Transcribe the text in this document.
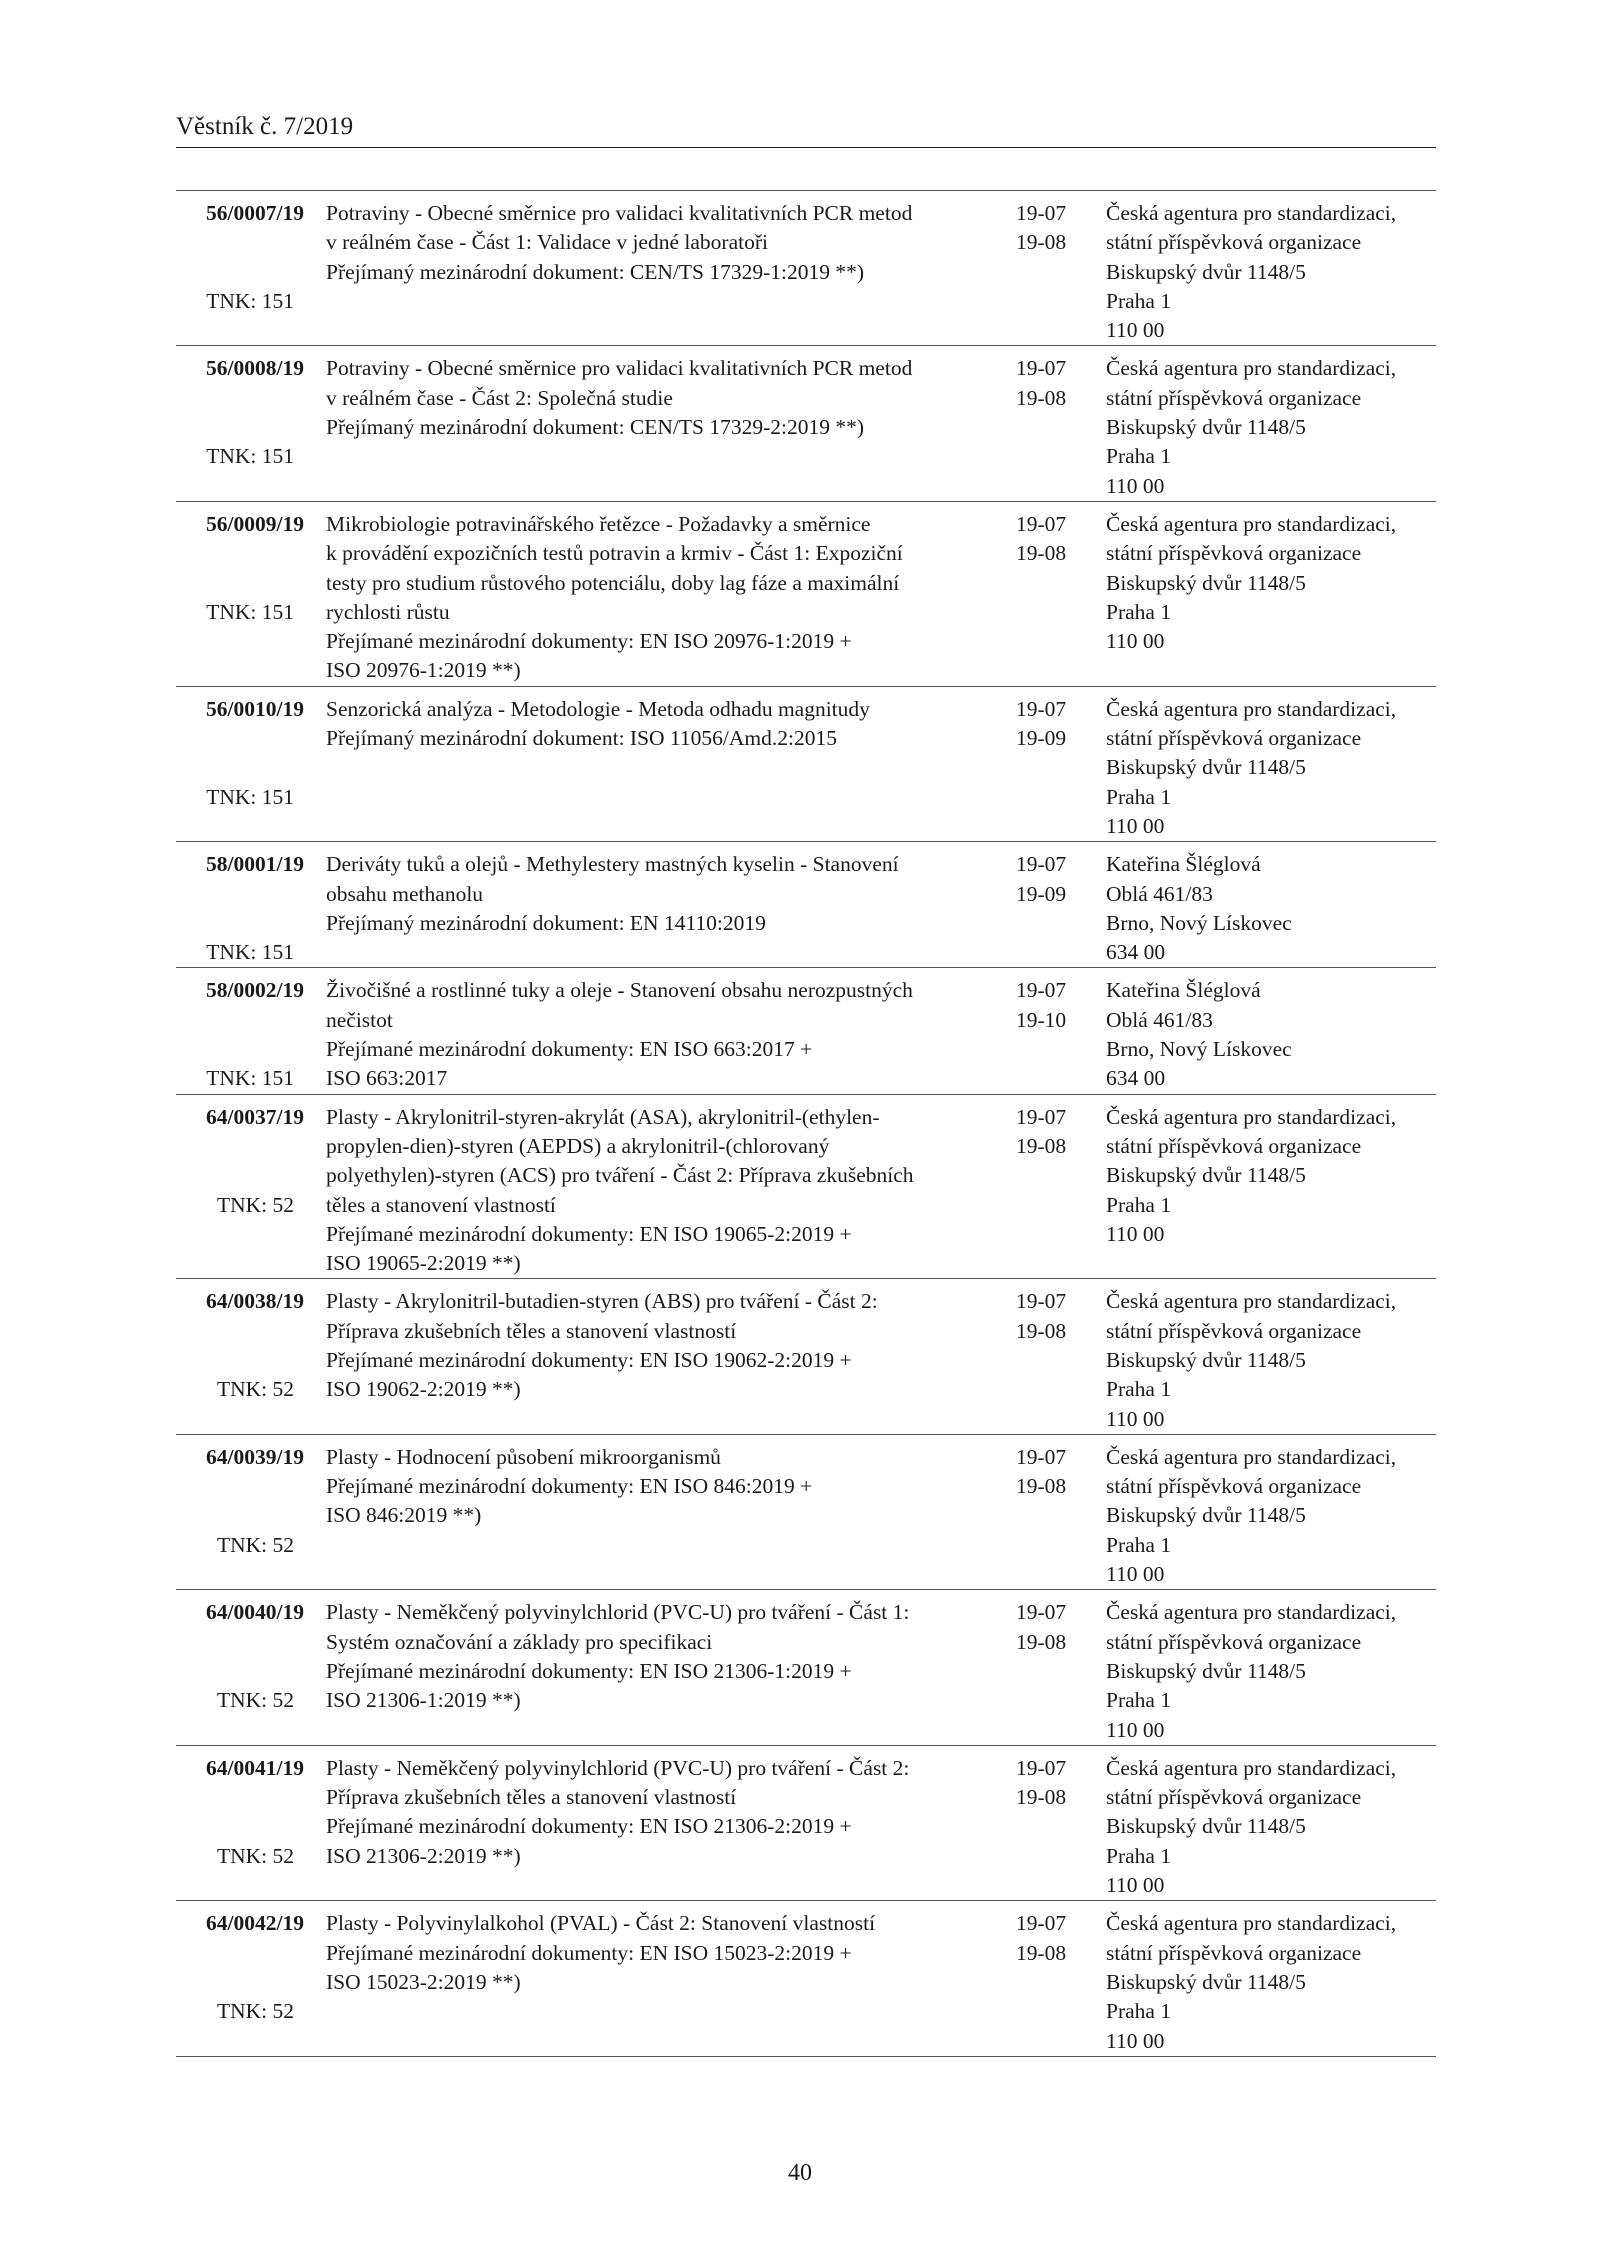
Věstník č. 7/2019
56/0007/19
TNK: 151
Potraviny - Obecné směrnice pro validaci kvalitativních PCR metod
v reálném čase - Část 1: Validace v jedné laboratoři
Přejímaný mezinárodní dokument: CEN/TS 17329-1:2019 **)

19-07
19-08
Česká agentura pro standardizaci,
státní příspěvková organizace
Biskupský dvůr 1148/5
Praha 1
110 00
56/0008/19
TNK: 151
Potraviny - Obecné směrnice pro validaci kvalitativních PCR metod
v reálném čase - Část 2: Společná studie
Přejímaný mezinárodní dokument: CEN/TS 17329-2:2019 **)

19-07
19-08
Česká agentura pro standardizaci,
státní příspěvková organizace
Biskupský dvůr 1148/5
Praha 1
110 00
56/0009/19
TNK: 151
Mikrobiologie potravinářského řetězce - Požadavky a směrnice
k provádění expozičních testů potravin a krmiv - Část 1: Expoziční
testy pro studium růstového potenciálu, doby lag fáze a maximální
rychlosti růstu
Přejímané mezinárodní dokumenty: EN ISO 20976-1:2019 +
ISO 20976-1:2019 **)
19-07
19-08
Česká agentura pro standardizaci,
státní příspěvková organizace
Biskupský dvůr 1148/5
Praha 1
110 00
56/0010/19
TNK: 151
Senzorická analýza - Metodologie - Metoda odhadu magnitudy
Přejímaný mezinárodní dokument: ISO 11056/Amd.2:2015

19-07
19-09
Česká agentura pro standardizaci,
státní příspěvková organizace
Biskupský dvůr 1148/5
Praha 1
110 00
58/0001/19
TNK: 151
Deriváty tuků a olejů - Methylestery mastných kyselin - Stanovení
obsahu methanolu
Přejímaný mezinárodní dokument: EN 14110:2019

19-07
19-09
Kateřina Šléglová
Oblá 461/83
Brno, Nový Lískovec
634 00
58/0002/19
TNK: 151
Živočišné a rostlinné tuky a oleje - Stanovení obsahu nerozpustných
nečistot
Přejímané mezinárodní dokumenty: EN ISO 663:2017 +
ISO 663:2017
19-07
19-10
Kateřina Šléglová
Oblá 461/83
Brno, Nový Lískovec
634 00
64/0037/19
TNK: 52
Plasty - Akrylonitril-styren-akrylát (ASA), akrylonitril-(ethylen-
propylen-dien)-styren (AEPDS) a akrylonitril-(chlorovaný
polyethylen)-styren (ACS) pro tváření - Část 2: Příprava zkušebních
těles a stanovení vlastností
Přejímané mezinárodní dokumenty: EN ISO 19065-2:2019 +
ISO 19065-2:2019 **)
19-07
19-08
Česká agentura pro standardizaci,
státní příspěvková organizace
Biskupský dvůr 1148/5
Praha 1
110 00
64/0038/19
TNK: 52
Plasty - Akrylonitril-butadien-styren (ABS) pro tváření - Část 2:
Příprava zkušebních těles a stanovení vlastností
Přejímané mezinárodní dokumenty: EN ISO 19062-2:2019 +
ISO 19062-2:2019 **)

19-07
19-08
Česká agentura pro standardizaci,
státní příspěvková organizace
Biskupský dvůr 1148/5
Praha 1
110 00
64/0039/19
TNK: 52
Plasty - Hodnocení působení mikroorganismů
Přejímané mezinárodní dokumenty: EN ISO 846:2019 +
ISO 846:2019 **)

19-07
19-08
Česká agentura pro standardizaci,
státní příspěvková organizace
Biskupský dvůr 1148/5
Praha 1
110 00
64/0040/19
TNK: 52
Plasty - Neměkčený polyvinylchlorid (PVC-U) pro tváření - Část 1:
Systém označování a základy pro specifikaci
Přejímané mezinárodní dokumenty: EN ISO 21306-1:2019 +
ISO 21306-1:2019 **)

19-07
19-08
Česká agentura pro standardizaci,
státní příspěvková organizace
Biskupský dvůr 1148/5
Praha 1
110 00
64/0041/19
TNK: 52
Plasty - Neměkčený polyvinylchlorid (PVC-U) pro tváření - Část 2:
Příprava zkušebních těles a stanovení vlastností
Přejímané mezinárodní dokumenty: EN ISO 21306-2:2019 +
ISO 21306-2:2019 **)

19-07
19-08
Česká agentura pro standardizaci,
státní příspěvková organizace
Biskupský dvůr 1148/5
Praha 1
110 00
64/0042/19
TNK: 52
Plasty - Polyvinylalkohol (PVAL) - Část 2: Stanovení vlastností
Přejímané mezinárodní dokumenty: EN ISO 15023-2:2019 +
ISO 15023-2:2019 **)

19-07
19-08
Česká agentura pro standardizaci,
státní příspěvková organizace
Biskupský dvůr 1148/5
Praha 1
110 00
40
